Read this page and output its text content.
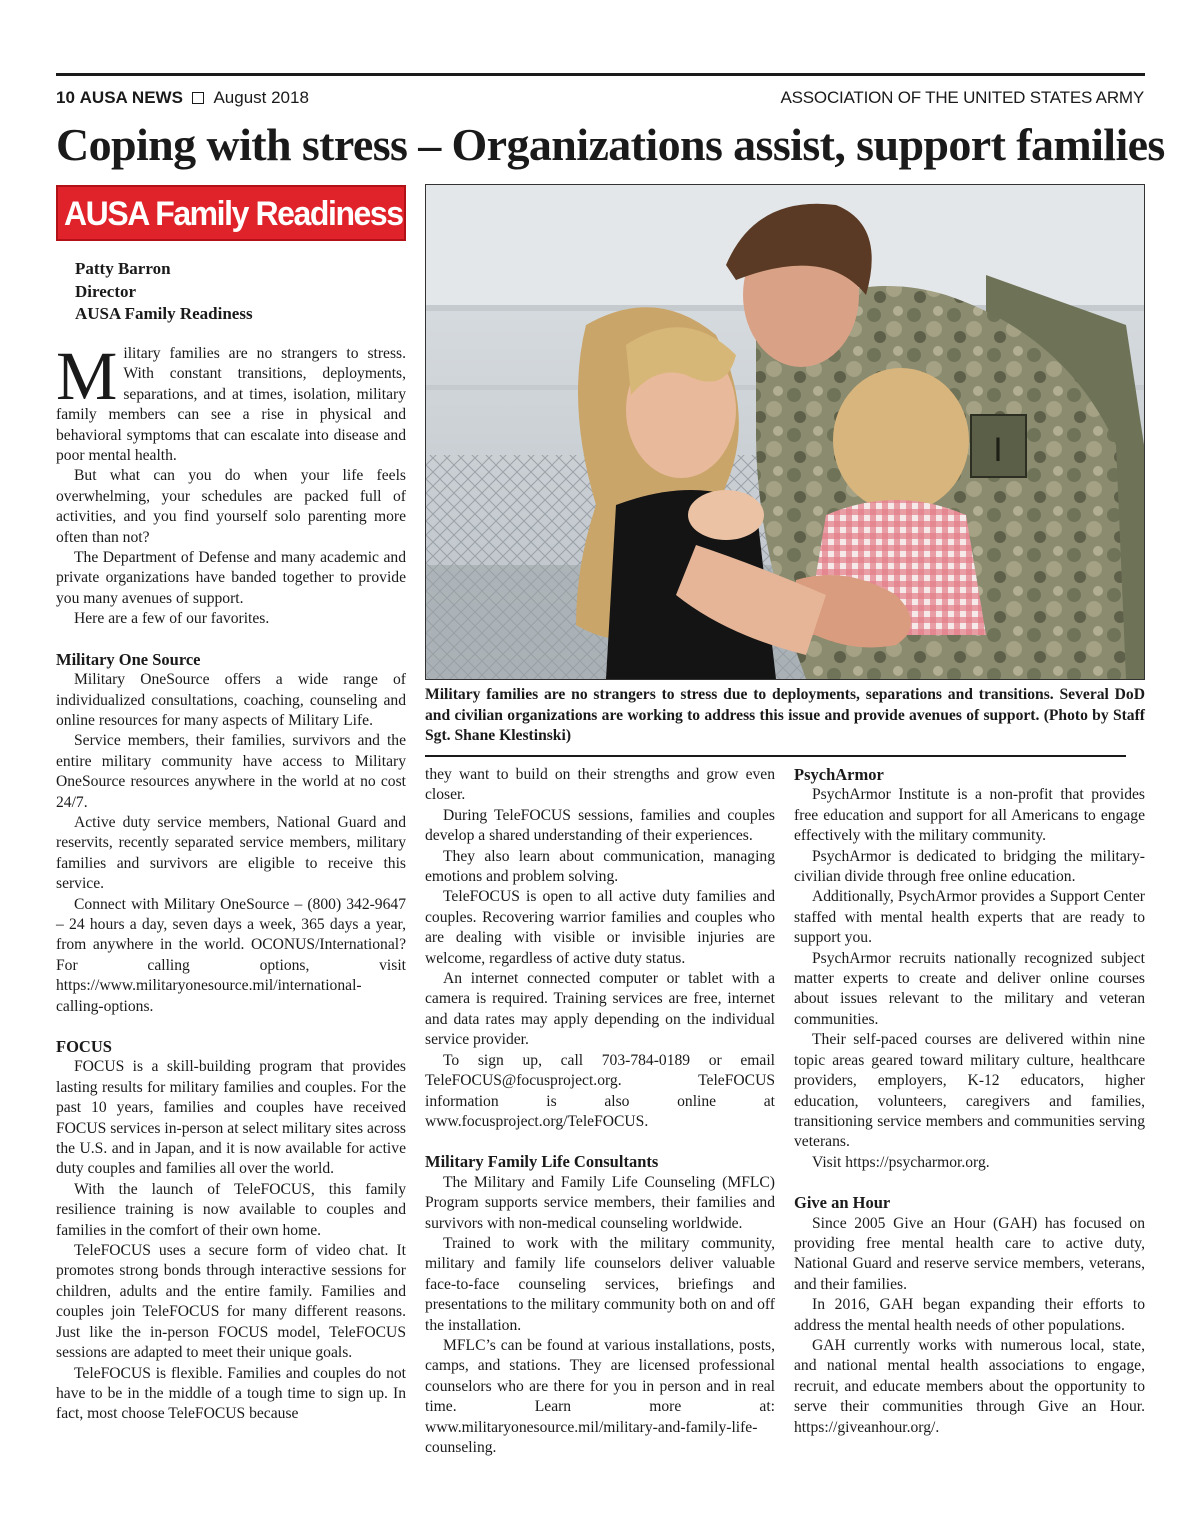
10 AUSA NEWS August 2018	ASSOCIATION OF THE UNITED STATES ARMY
Coping with stress – Organizations assist, support families
AUSA Family Readiness
Patty Barron
Director
AUSA Family Readiness
I
Military families are no strangers to stress due to deployments, separations and transitions. Several DoD and civilian organizations are working to address this issue and provide avenues of support. (Photo by Staff Sgt. Shane Klestinski)

Military families are no strangers to stress. With constant transitions, deployments, separations, and at times, isolation, military family members can see a rise in physical and behavioral symptoms that can escalate into disease and poor mental health.

But what can you do when your life feels overwhelming, your schedules are packed full of activities, and you find yourself solo parenting more often than not?

The Department of Defense and many academic and private organizations have banded together to provide you many avenues of support.

Here are a few of our favorites.

Military One Source

Military OneSource offers a wide range of individualized consultations, coaching, counseling and online resources for many aspects of Military Life.

Service members, their families, survivors and the entire military community have access to Military OneSource resources anywhere in the world at no cost 24/7.

Active duty service members, National Guard and reservits, recently separated service members, military families and survivors are eligible to receive this service.

Connect with Military OneSource – (800) 342-9647 – 24 hours a day, seven days a week, 365 days a year, from anywhere in the world. OCONUS/International? For calling options, visit https://www.militaryonesource.mil/international-calling-options.

FOCUS

FOCUS is a skill-building program that provides lasting results for military families and couples. For the past 10 years, families and couples have received FOCUS services in-person at select military sites across the U.S. and in Japan, and it is now available for active duty couples and families all over the world.

With the launch of TeleFOCUS, this family resilience training is now available to couples and families in the comfort of their own home.

TeleFOCUS uses a secure form of video chat. It promotes strong bonds through interactive sessions for children, adults and the entire family. Families and couples join TeleFOCUS for many different reasons. Just like the in-person FOCUS model, TeleFOCUS sessions are adapted to meet their unique goals.

TeleFOCUS is flexible. Families and couples do not have to be in the middle of a tough time to sign up. In fact, most choose TeleFOCUS because

they want to build on their strengths and grow even closer.

During TeleFOCUS sessions, families and couples develop a shared understanding of their experiences.

They also learn about communication, managing emotions and problem solving.

TeleFOCUS is open to all active duty families and couples. Recovering warrior families and couples who are dealing with visible or invisible injuries are welcome, regardless of active duty status.

An internet connected computer or tablet with a camera is required. Training services are free, internet and data rates may apply depending on the individual service provider.

To sign up, call 703-784-0189 or email TeleFOCUS@focusproject.org. TeleFOCUS information is also online at www.focusproject.org/TeleFOCUS.

Military Family Life Consultants

The Military and Family Life Counseling (MFLC) Program supports service members, their families and survivors with non-medical counseling worldwide.

Trained to work with the military community, military and family life counselors deliver valuable face-to-face counseling services, briefings and presentations to the military community both on and off the installation.

MFLC’s can be found at various installations, posts, camps, and stations. They are licensed professional counselors who are there for you in person and in real time. Learn more at: www.militaryonesource.mil/military-and-family-life-counseling.

PsychArmor

PsychArmor Institute is a non-profit that provides free education and support for all Americans to engage effectively with the military community.

PsychArmor is dedicated to bridging the military-civilian divide through free online education.

Additionally, PsychArmor provides a Support Center staffed with mental health experts that are ready to support you.

PsychArmor recruits nationally recognized subject matter experts to create and deliver online courses about issues relevant to the military and veteran communities.

Their self-paced courses are delivered within nine topic areas geared toward military culture, healthcare providers, employers, K-12 educators, higher education, volunteers, caregivers and families, transitioning service members and communities serving veterans.

Visit https://psycharmor.org.

Give an Hour

Since 2005 Give an Hour (GAH) has focused on providing free mental health care to active duty, National Guard and reserve service members, veterans, and their families.

In 2016, GAH began expanding their efforts to address the mental health needs of other populations.

GAH currently works with numerous local, state, and national mental health associations to engage, recruit, and educate members about the opportunity to serve their communities through Give an Hour. https://giveanhour.org/.
